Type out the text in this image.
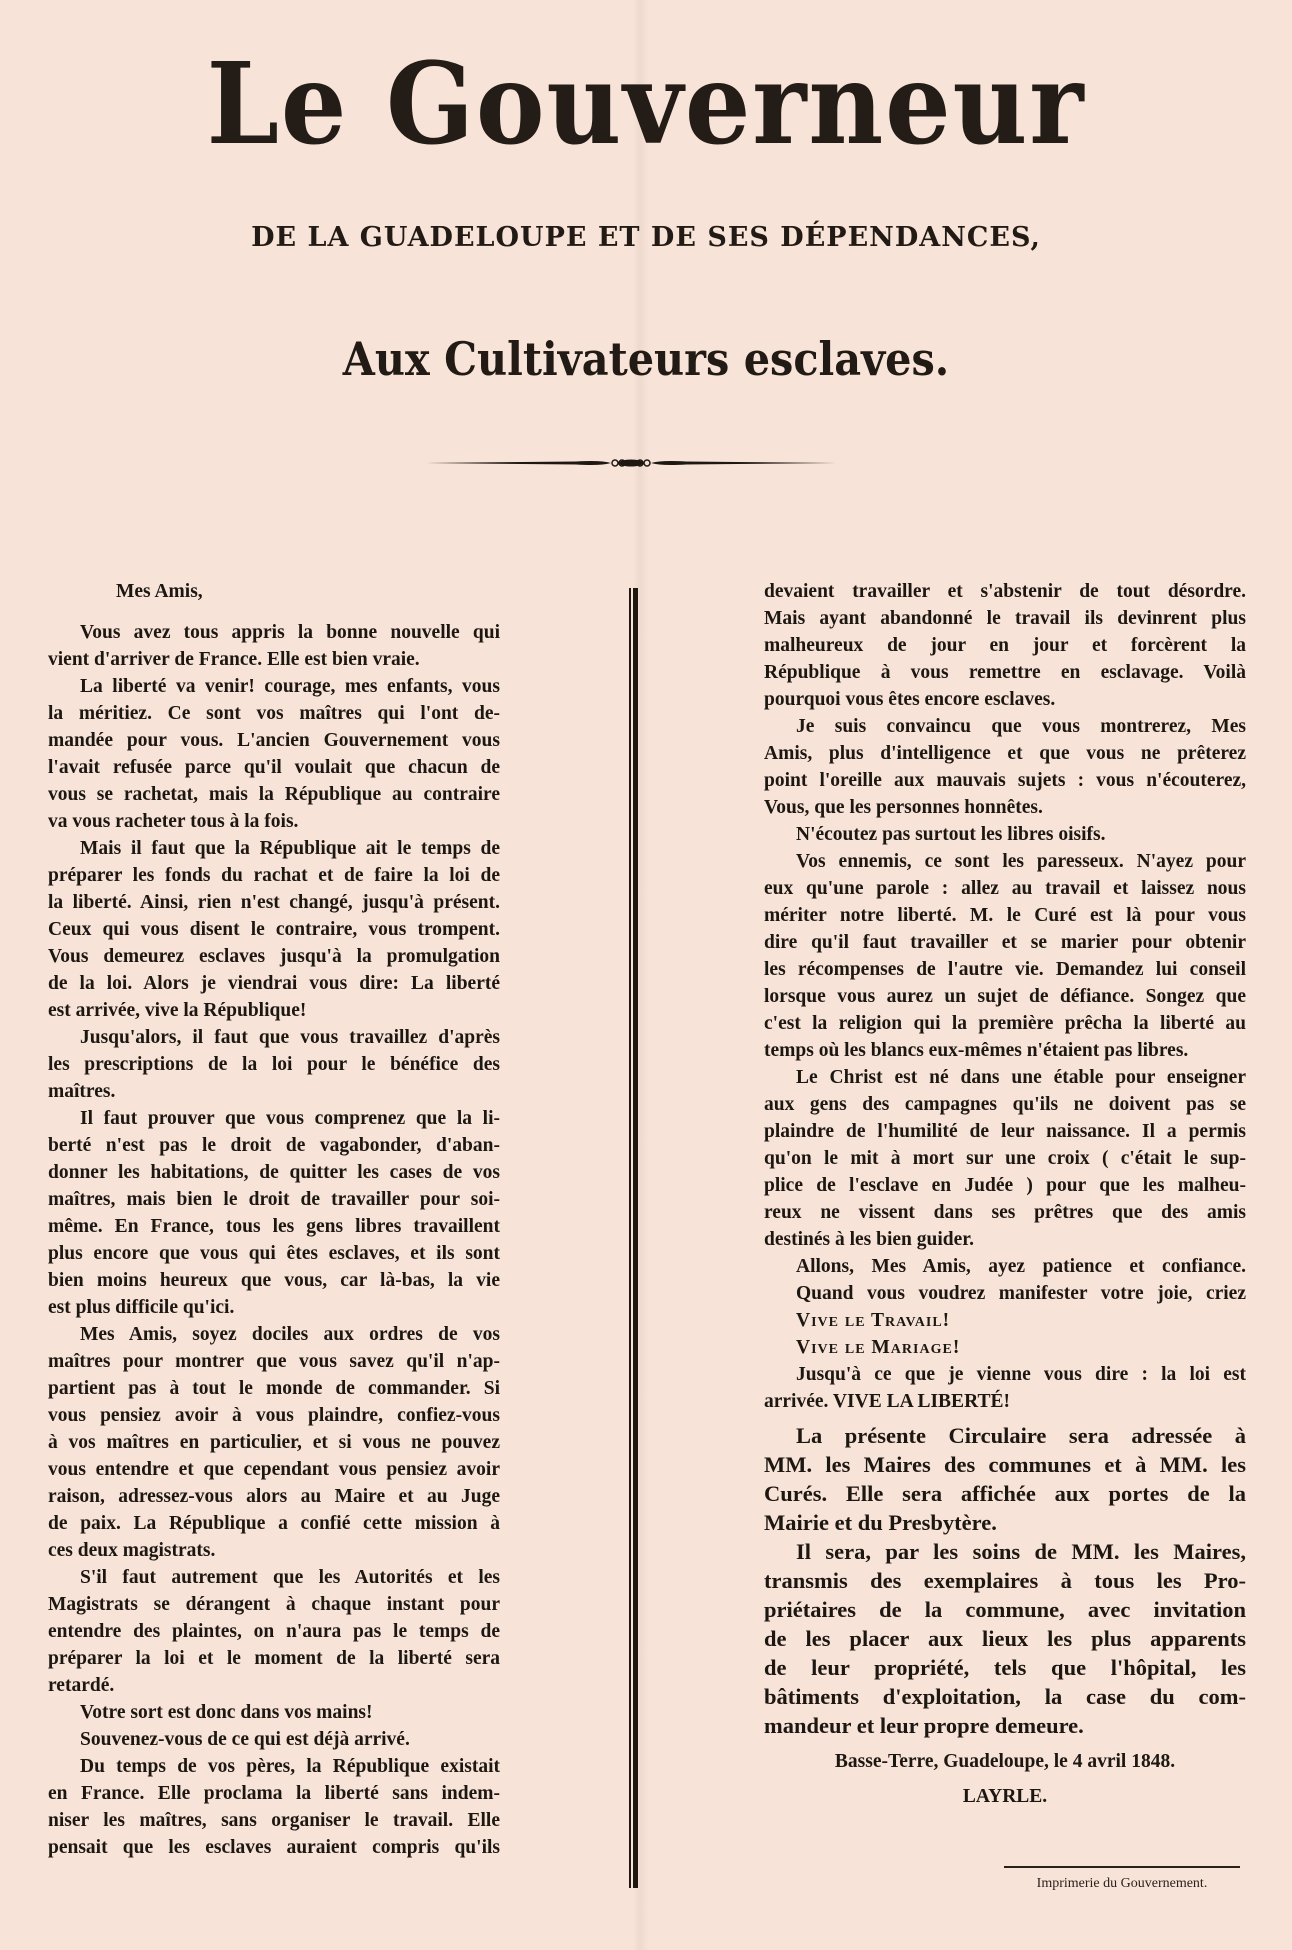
Le Gouverneur
DE LA GUADELOUPE ET DE SES DÉPENDANCES,
Aux Cultivateurs esclaves.
Mes Amis,
Vous avez tous appris la bonne nouvelle qui
vient d'arriver de France. Elle est bien vraie.
La liberté va venir! courage, mes enfants, vous
la méritiez. Ce sont vos maîtres qui l'ont de-
mandée pour vous. L'ancien Gouvernement vous
l'avait refusée parce qu'il voulait que chacun de
vous se rachetat, mais la République au contraire
va vous racheter tous à la fois.
Mais il faut que la République ait le temps de
préparer les fonds du rachat et de faire la loi de
la liberté. Ainsi, rien n'est changé, jusqu'à présent.
Ceux qui vous disent le contraire, vous trompent.
Vous demeurez esclaves jusqu'à la promulgation
de la loi. Alors je viendrai vous dire: La liberté
est arrivée, vive la République!
Jusqu'alors, il faut que vous travaillez d'après
les prescriptions de la loi pour le bénéfice des
maîtres.
Il faut prouver que vous comprenez que la li-
berté n'est pas le droit de vagabonder, d'aban-
donner les habitations, de quitter les cases de vos
maîtres, mais bien le droit de travailler pour soi-
même. En France, tous les gens libres travaillent
plus encore que vous qui êtes esclaves, et ils sont
bien moins heureux que vous, car là-bas, la vie
est plus difficile qu'ici.
Mes Amis, soyez dociles aux ordres de vos
maîtres pour montrer que vous savez qu'il n'ap-
partient pas à tout le monde de commander. Si
vous pensiez avoir à vous plaindre, confiez-vous
à vos maîtres en particulier, et si vous ne pouvez
vous entendre et que cependant vous pensiez avoir
raison, adressez-vous alors au Maire et au Juge
de paix. La République a confié cette mission à
ces deux magistrats.
S'il faut autrement que les Autorités et les
Magistrats se dérangent à chaque instant pour
entendre des plaintes, on n'aura pas le temps de
préparer la loi et le moment de la liberté sera
retardé.
Votre sort est donc dans vos mains!
Souvenez-vous de ce qui est déjà arrivé.
Du temps de vos pères, la République existait
en France. Elle proclama la liberté sans indem-
niser les maîtres, sans organiser le travail. Elle
pensait que les esclaves auraient compris qu'ils
devaient travailler et s'abstenir de tout désordre.
Mais ayant abandonné le travail ils devinrent plus
malheureux de jour en jour et forcèrent la
République à vous remettre en esclavage. Voilà
pourquoi vous êtes encore esclaves.
Je suis convaincu que vous montrerez, Mes
Amis, plus d'intelligence et que vous ne prêterez
point l'oreille aux mauvais sujets : vous n'écouterez,
Vous, que les personnes honnêtes.
N'écoutez pas surtout les libres oisifs.
Vos ennemis, ce sont les paresseux. N'ayez pour
eux qu'une parole : allez au travail et laissez nous
mériter notre liberté. M. le Curé est là pour vous
dire qu'il faut travailler et se marier pour obtenir
les récompenses de l'autre vie. Demandez lui conseil
lorsque vous aurez un sujet de défiance. Songez que
c'est la religion qui la première prêcha la liberté au
temps où les blancs eux-mêmes n'étaient pas libres.
Le Christ est né dans une étable pour enseigner
aux gens des campagnes qu'ils ne doivent pas se
plaindre de l'humilité de leur naissance. Il a permis
qu'on le mit à mort sur une croix ( c'était le sup-
plice de l'esclave en Judée ) pour que les malheu-
reux ne vissent dans ses prêtres que des amis
destinés à les bien guider.
Allons, Mes Amis, ayez patience et confiance.
Quand vous voudrez manifester votre joie, criez
Vive le Travail!
Vive le Mariage!
Jusqu'à ce que je vienne vous dire : la loi est
arrivée. VIVE LA LIBERTÉ!
La présente Circulaire sera adressée à
MM. les Maires des communes et à MM. les
Curés. Elle sera affichée aux portes de la
Mairie et du Presbytère.
Il sera, par les soins de MM. les Maires,
transmis des exemplaires à tous les Pro-
priétaires de la commune, avec invitation
de les placer aux lieux les plus apparents
de leur propriété, tels que l'hôpital, les
bâtiments d'exploitation, la case du com-
mandeur et leur propre demeure.
Basse-Terre, Guadeloupe, le 4 avril 1848.
LAYRLE.
Imprimerie du Gouvernement.
